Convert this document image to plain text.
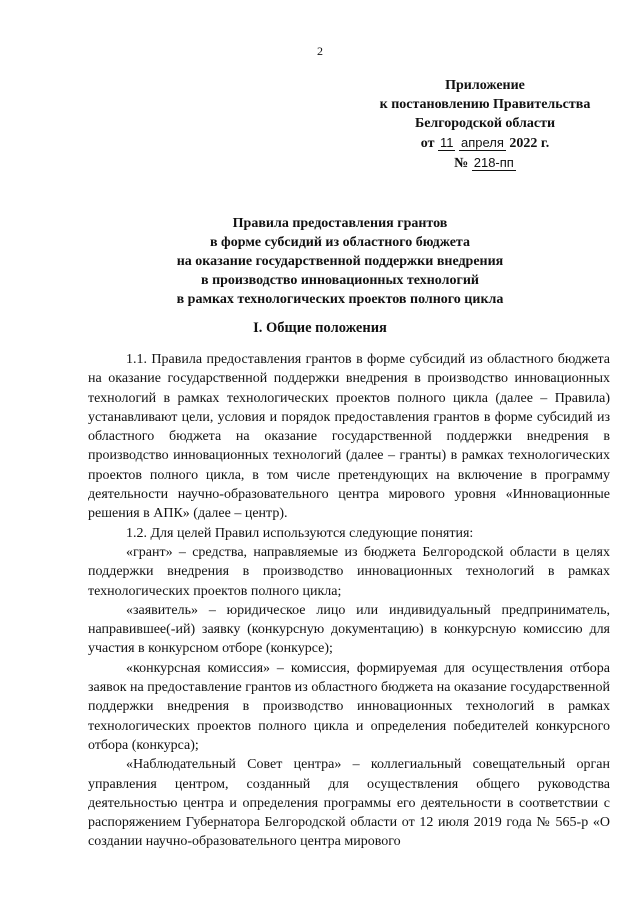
2
Приложение
к постановлению Правительства
Белгородской области
от 11 апреля 2022 г.
№ 218-пп
Правила предоставления грантов
в форме субсидий из областного бюджета
на оказание государственной поддержки внедрения
в производство инновационных технологий
в рамках технологических проектов полного цикла
I. Общие положения

1.1. Правила предоставления грантов в форме субсидий из областного бюджета на оказание государственной поддержки внедрения в производство инновационных технологий в рамках технологических проектов полного цикла (далее – Правила) устанавливают цели, условия и порядок предоставления грантов в форме субсидий из областного бюджета на оказание государственной поддержки внедрения в производство инновационных технологий (далее – гранты) в рамках технологических проектов полного цикла, в том числе претендующих на включение в программу деятельности научно-образовательного центра мирового уровня «Инновационные решения в АПК» (далее – центр).

1.2. Для целей Правил используются следующие понятия:

«грант» – средства, направляемые из бюджета Белгородской области в целях поддержки внедрения в производство инновационных технологий в рамках технологических проектов полного цикла;

«заявитель» – юридическое лицо или индивидуальный предприниматель, направившее(-ий) заявку (конкурсную документацию) в конкурсную комиссию для участия в конкурсном отборе (конкурсе);

«конкурсная комиссия» – комиссия, формируемая для осуществления отбора заявок на предоставление грантов из областного бюджета на оказание государственной поддержки внедрения в производство инновационных технологий в рамках технологических проектов полного цикла и определения победителей конкурсного отбора (конкурса);

«Наблюдательный Совет центра» – коллегиальный совещательный орган управления центром, созданный для осуществления общего руководства деятельностью центра и определения программы его деятельности в соответствии с распоряжением Губернатора Белгородской области от 12 июля 2019 года № 565-р «О создании научно-образовательного центра мирового
